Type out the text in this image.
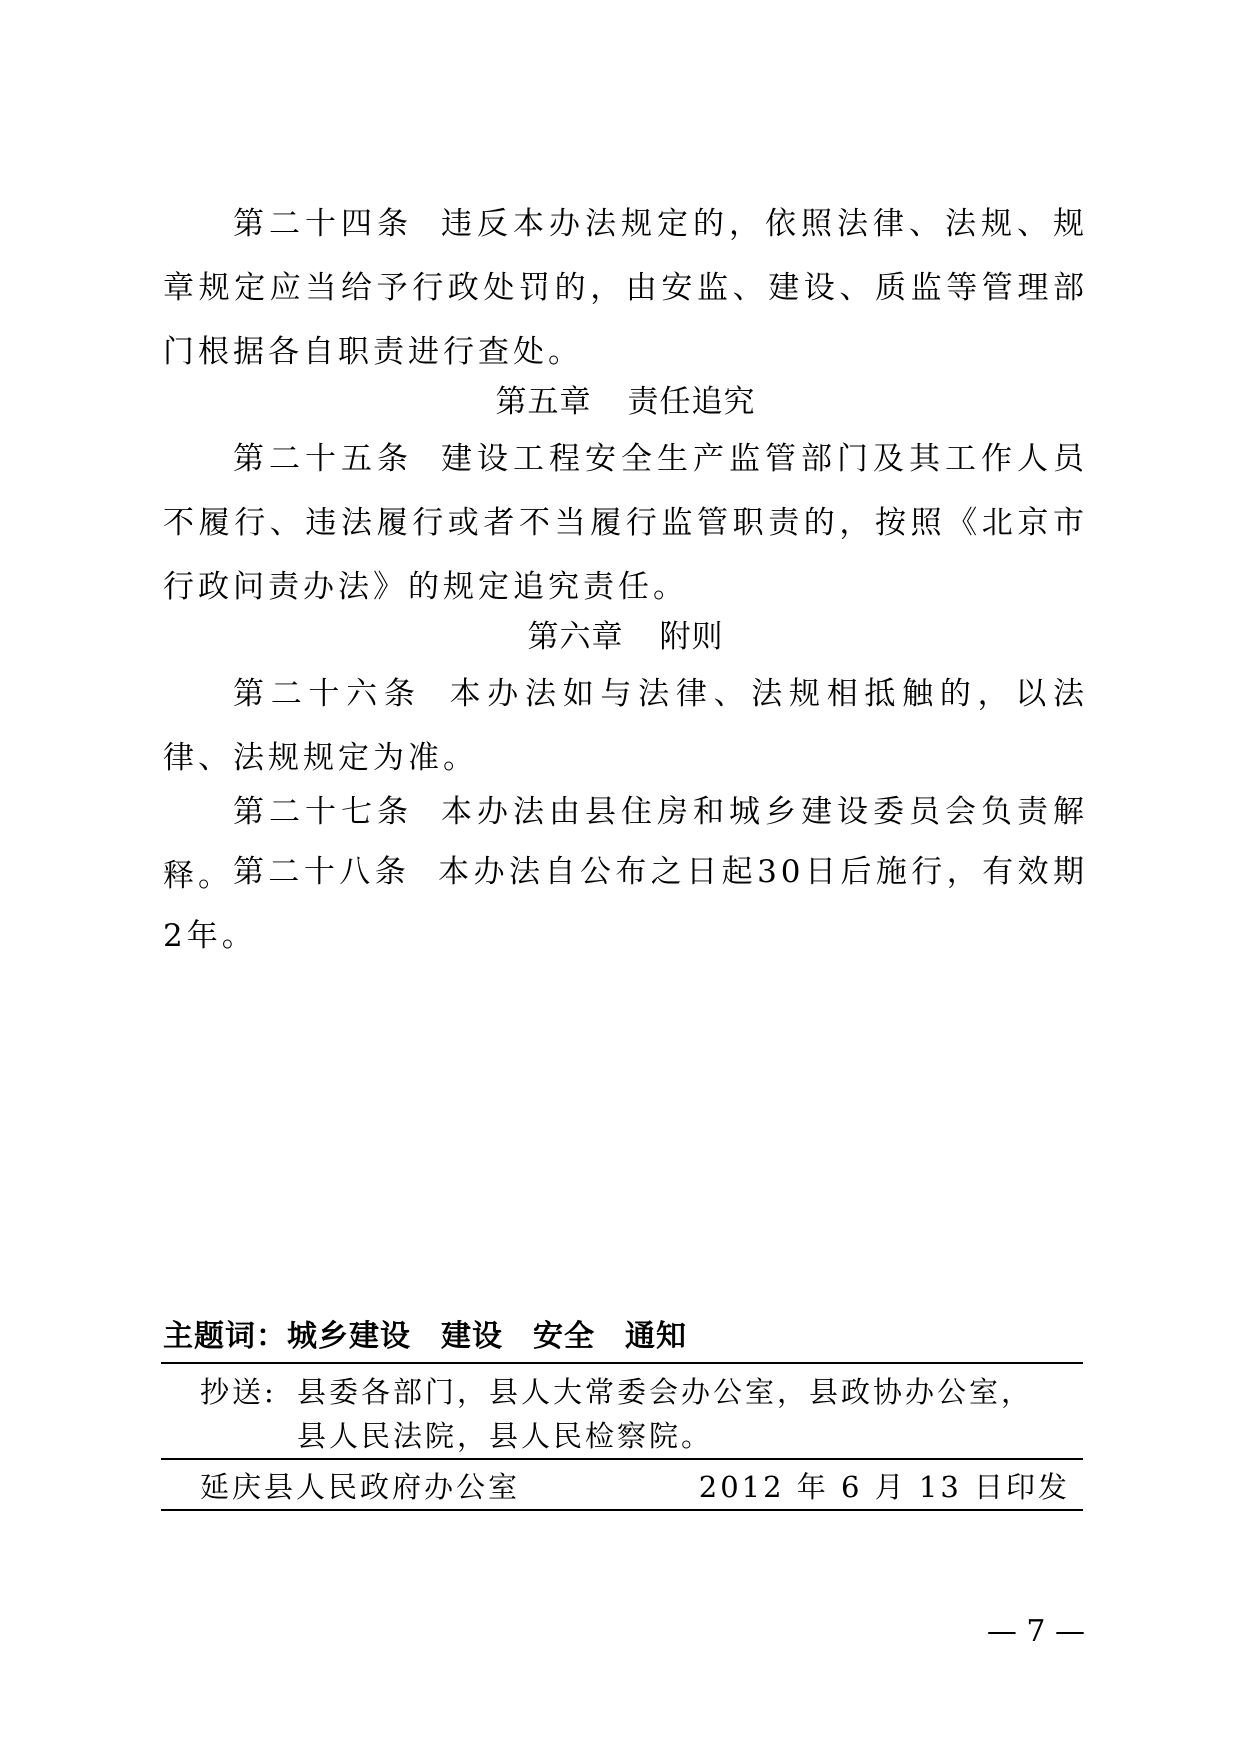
第二十四条 违反本办法规定的，依照法律、法规、规章规定应当给予行政处罚的，由安监、建设、质监等管理部门根据各自职责进行查处。

第五章 责任追究

第二十五条 建设工程安全生产监管部门及其工作人员不履行、违法履行或者不当履行监管职责的，按照《北京市行政问责办法》的规定追究责任。

第六章 附则

第二十六条 本办法如与法律、法规相抵触的，以法律、法规规定为准。

第二十七条 本办法由县住房和城乡建设委员会负责解释。 第二十八条 本办法自公布之日起30日后施行，有效期2年。

主题词：城乡建设 建设 安全 通知
抄送: 县委各部门，县人大常委会办公室，县政协办公室，
县人民法院，县人民检察院。
延庆县人民政府办公室	2012 年 6 月 13 日印发
— 7 —
